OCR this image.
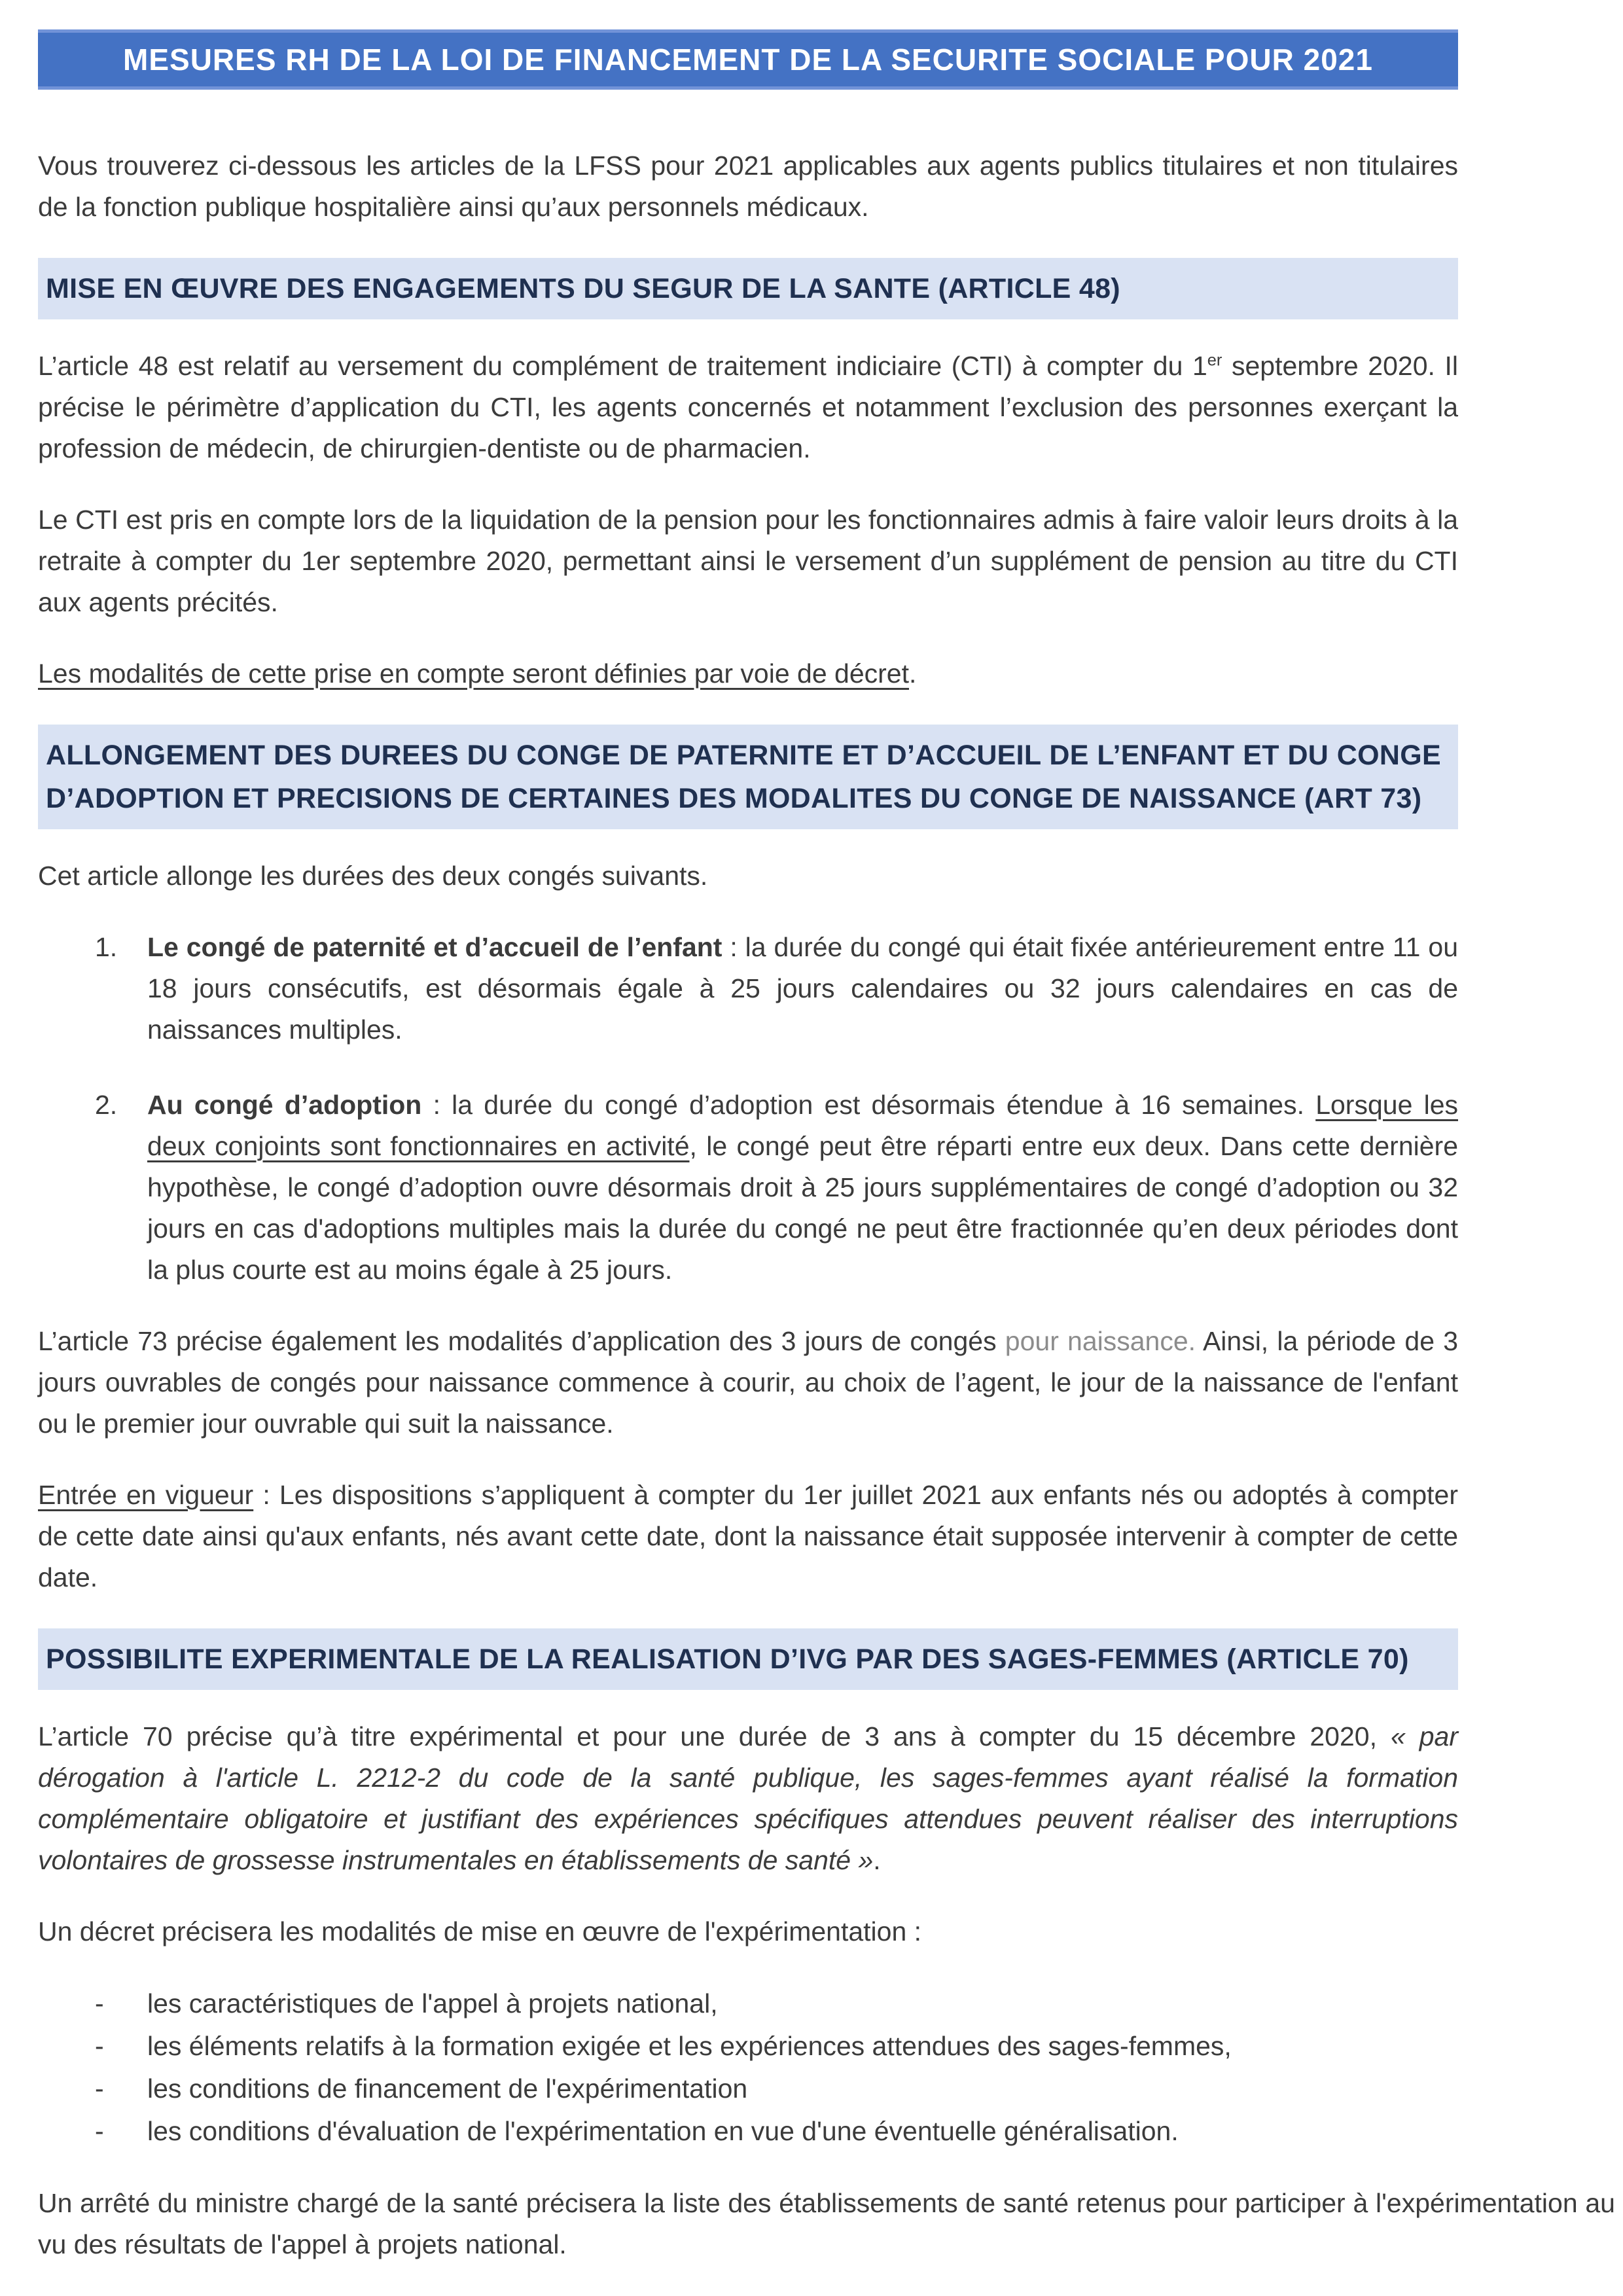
MESURES RH DE LA LOI DE FINANCEMENT DE LA SECURITE SOCIALE POUR 2021

Vous trouverez ci-dessous les articles de la LFSS pour 2021 applicables aux agents publics titulaires et non titulaires de la fonction publique hospitalière ainsi qu’aux personnels médicaux.

MISE EN ŒUVRE DES ENGAGEMENTS DU SEGUR DE LA SANTE (ARTICLE 48)

L’article 48 est relatif au versement du complément de traitement indiciaire (CTI) à compter du 1er septembre 2020. Il précise le périmètre d’application du CTI, les agents concernés et notamment l’exclusion des personnes exerçant la profession de médecin, de chirurgien-dentiste ou de pharmacien.

Le CTI est pris en compte lors de la liquidation de la pension pour les fonctionnaires admis à faire valoir leurs droits à la retraite à compter du 1er septembre 2020, permettant ainsi le versement d’un supplément de pension au titre du CTI aux agents précités.

Les modalités de cette prise en compte seront définies par voie de décret.

ALLONGEMENT DES DUREES DU CONGE DE PATERNITE ET D’ACCUEIL DE L’ENFANT ET DU CONGE D’ADOPTION ET PRECISIONS DE CERTAINES DES MODALITES DU CONGE DE NAISSANCE (ART 73)

Cet article allonge les durées des deux congés suivants.

1. Le congé de paternité et d’accueil de l’enfant : la durée du congé qui était fixée antérieurement entre 11 ou 18 jours consécutifs, est désormais égale à 25 jours calendaires ou 32 jours calendaires en cas de naissances multiples.
2. Au congé d’adoption : la durée du congé d’adoption est désormais étendue à 16 semaines. Lorsque les deux conjoints sont fonctionnaires en activité, le congé peut être réparti entre eux deux. Dans cette dernière hypothèse, le congé d’adoption ouvre désormais droit à 25 jours supplémentaires de congé d’adoption ou 32 jours en cas d'adoptions multiples mais la durée du congé ne peut être fractionnée qu’en deux périodes dont la plus courte est au moins égale à 25 jours.

L’article 73 précise également les modalités d’application des 3 jours de congés pour naissance. Ainsi, la période de 3 jours ouvrables de congés pour naissance commence à courir, au choix de l’agent, le jour de la naissance de l'enfant ou le premier jour ouvrable qui suit la naissance.

Entrée en vigueur : Les dispositions s’appliquent à compter du 1er juillet 2021 aux enfants nés ou adoptés à compter de cette date ainsi qu'aux enfants, nés avant cette date, dont la naissance était supposée intervenir à compter de cette date.

POSSIBILITE EXPERIMENTALE DE LA REALISATION D’IVG PAR DES SAGES-FEMMES (ARTICLE 70)

L’article 70 précise qu’à titre expérimental et pour une durée de 3 ans à compter du 15 décembre 2020, « par dérogation à l'article L. 2212-2 du code de la santé publique, les sages-femmes ayant réalisé la formation complémentaire obligatoire et justifiant des expériences spécifiques attendues peuvent réaliser des interruptions volontaires de grossesse instrumentales en établissements de santé ».

Un décret précisera les modalités de mise en œuvre de l'expérimentation :

- les caractéristiques de l'appel à projets national,
- les éléments relatifs à la formation exigée et les expériences attendues des sages-femmes,
- les conditions de financement de l'expérimentation
- les conditions d'évaluation de l'expérimentation en vue d'une éventuelle généralisation.

Un arrêté du ministre chargé de la santé précisera la liste des établissements de santé retenus pour participer à l'expérimentation au vu des résultats de l'appel à projets national.
